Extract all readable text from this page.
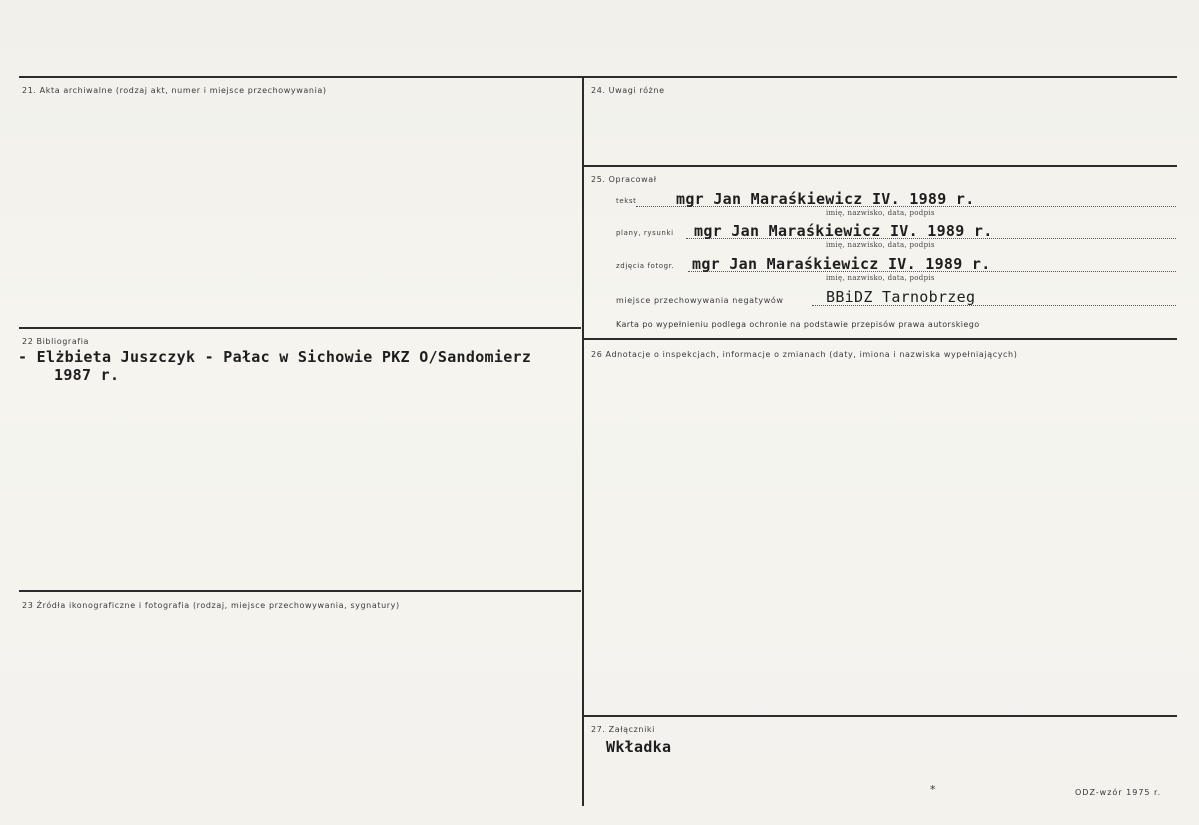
21. Akta archiwalne (rodzaj akt, numer i miejsce przechowywania)
22 Bibliografia
- Elżbieta Juszczyk - Pałac w Sichowie PKZ O/Sandomierz
1987 r.
23 Źródła ikonograficzne i fotografia (rodzaj, miejsce przechowywania, sygnatury)
24. Uwagi różne
25. Opracował
tekst	mgr Jan Maraśkiewicz IV. 1989 r.
imię, nazwisko, data, podpis
plany, rysunki mgr Jan Maraśkiewicz IV. 1989 r.
imię, nazwisko, data, podpis
zdjęcia fotogr. mgr Jan Maraśkiewicz IV. 1989 r.
imię, nazwisko, data, podpis
miejsce przechowywania negatywów	BBiDZ Tarnobrzeg
Karta po wypełnieniu podlega ochronie na podstawie przepisów prawa autorskiego
26 Adnotacje o inspekcjach, informacje o zmianach (daty, imiona i nazwiska wypełniających)
27. Załączniki
Wkładka
*	ODZ-wzór 1975 r.
